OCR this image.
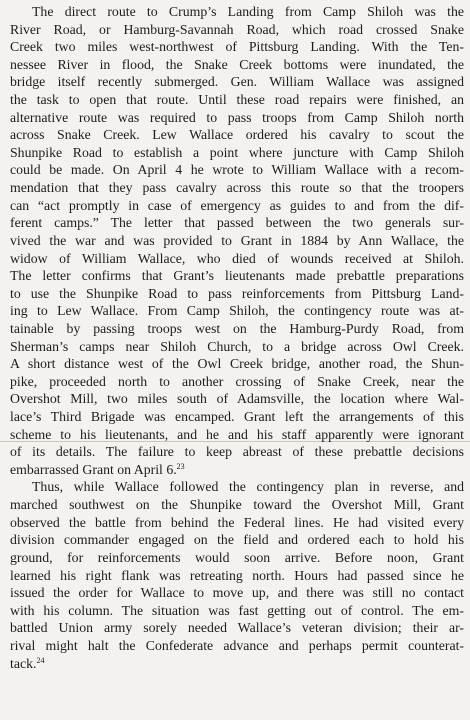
The direct route to Crump’s Landing from Camp Shiloh was the
River Road, or Hamburg-Savannah Road, which road crossed Snake
Creek two miles west-northwest of Pittsburg Landing. With the Ten-
nessee River in flood, the Snake Creek bottoms were inundated, the
bridge itself recently submerged. Gen. William Wallace was assigned
the task to open that route. Until these road repairs were finished, an
alternative route was required to pass troops from Camp Shiloh north
across Snake Creek. Lew Wallace ordered his cavalry to scout the
Shunpike Road to establish a point where juncture with Camp Shiloh
could be made. On April 4 he wrote to William Wallace with a recom-
mendation that they pass cavalry across this route so that the troopers
can “act promptly in case of emergency as guides to and from the dif-
ferent camps.” The letter that passed between the two generals sur-
vived the war and was provided to Grant in 1884 by Ann Wallace, the
widow of William Wallace, who died of wounds received at Shiloh.
The letter confirms that Grant’s lieutenants made prebattle preparations
to use the Shunpike Road to pass reinforcements from Pittsburg Land-
ing to Lew Wallace. From Camp Shiloh, the contingency route was at-
tainable by passing troops west on the Hamburg-Purdy Road, from
Sherman’s camps near Shiloh Church, to a bridge across Owl Creek.
A short distance west of the Owl Creek bridge, another road, the Shun-
pike, proceeded north to another crossing of Snake Creek, near the
Overshot Mill, two miles south of Adamsville, the location where Wal-
lace’s Third Brigade was encamped. Grant left the arrangements of this
scheme to his lieutenants, and he and his staff apparently were ignorant
of its details. The failure to keep abreast of these prebattle decisions
embarrassed Grant on April 6.23
Thus, while Wallace followed the contingency plan in reverse, and
marched southwest on the Shunpike toward the Overshot Mill, Grant
observed the battle from behind the Federal lines. He had visited every
division commander engaged on the field and ordered each to hold his
ground, for reinforcements would soon arrive. Before noon, Grant
learned his right flank was retreating north. Hours had passed since he
issued the order for Wallace to move up, and there was still no contact
with his column. The situation was fast getting out of control. The em-
battled Union army sorely needed Wallace’s veteran division; their ar-
rival might halt the Confederate advance and perhaps permit counterat-
tack.$^{24}$
